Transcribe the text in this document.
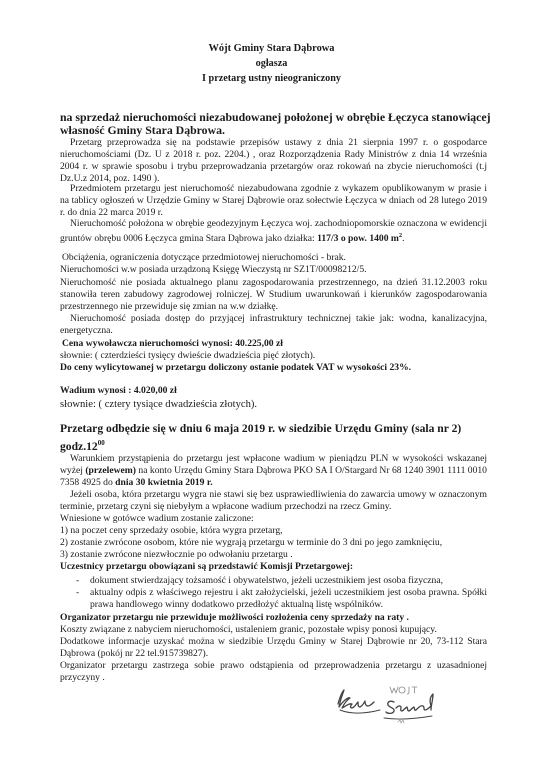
Wójt Gminy Stara Dąbrowa
ogłasza
I przetarg ustny nieograniczony
na sprzedaż nieruchomości niezabudowanej położonej w obrębie Łęczyca stanowiącej własność Gminy Stara Dąbrowa.
Przetarg przeprowadza się na podstawie przepisów ustawy z dnia 21 sierpnia 1997 r. o gospodarce nieruchomościami (Dz. U z 2018 r. poz. 2204.) , oraz Rozporządzenia Rady Ministrów z dnia 14 września 2004 r. w sprawie sposobu i trybu przeprowadzania przetargów oraz rokowań na zbycie nieruchomości (t.j Dz.U.z 2014, poz. 1490 ).
Przedmiotem przetargu jest nieruchomość niezabudowana zgodnie z wykazem opublikowanym w prasie i na tablicy ogłoszeń w Urzędzie Gminy w Starej Dąbrowie oraz sołectwie Łęczyca w dniach od 28 lutego 2019 r. do dnia 22 marca 2019 r.
Nieruchomość położona w obrębie geodezyjnym Łęczyca woj. zachodniopomorskie oznaczona w ewidencji gruntów obrębu 0006 Łęczyca gmina Stara Dąbrowa jako działka: 117/3 o pow. 1400 $m^2$.
Obciążenia, ograniczenia dotyczące przedmiotowej nieruchomości - brak.
Nieruchomości w.w posiada urządzoną Księgę Wieczystą nr SZ1T/00098212/5.
Nieruchomość nie posiada aktualnego planu zagospodarowania przestrzennego, na dzień 31.12.2003 roku stanowiła teren zabudowy zagrodowej rolniczej. W Studium uwarunkowań i kierunków zagospodarowania przestrzennego nie przewiduje się zmian na w.w działkę.
Nieruchomość posiada dostęp do przyjącej infrastruktury technicznej takie jak: wodna, kanalizacyjna, energetyczna.
Cena wywoławcza nieruchomości wynosi: 40.225,00 zł
słownie: ( czterdzieści tysięcy dwieście dwadzieścia pięć złotych).
Do ceny wylicytowanej w przetargu doliczony ostanie podatek VAT w wysokości 23%.
Wadium wynosi : 4.020,00 zł
słownie: ( cztery tysiące dwadzieścia złotych).
Przetarg odbędzie się w dniu 6 maja 2019 r. w siedzibie Urzędu Gminy (sala nr 2) $godz.12^{00}$
Warunkiem przystąpienia do przetargu jest wpłacone wadium w pieniądzu PLN w wysokości wskazanej wyżej (przelewem) na konto Urzędu Gminy Stara Dąbrowa PKO SA I O/Stargard Nr 68 1240 3901 1111 0010 7358 4925 do dnia 30 kwietnia 2019 r.
Jeżeli osoba, która przetargu wygra nie stawi się bez usprawiedliwienia do zawarcia umowy w oznaczonym terminie, przetarg czyni się niebyłym a wpłacone wadium przechodzi na rzecz Gminy.
Wniesione w gotówce wadium zostanie zaliczone:
1) na poczet ceny sprzedaży osobie, która wygra przetarg,
2) zostanie zwrócone osobom, które nie wygrają przetargu w terminie do 3 dni po jego zamknięciu,
3) zostanie zwrócone niezwłocznie po odwołaniu przetargu .
Uczestnicy przetargu obowiązani są przedstawić Komisji Przetargowej:
- dokument stwierdzający tożsamość i obywatelstwo, jeżeli uczestnikiem jest osoba fizyczna,
- aktualny odpis z właściwego rejestru i akt założycielski, jeżeli uczestnikiem jest osoba prawna. Spółki prawa handlowego winny dodatkowo przedłożyć aktualną listę wspólników.
Organizator przetargu nie przewiduje możliwości rozłożenia ceny sprzedaży na raty .
Koszty związane z nabyciem nieruchomości, ustaleniem granic, pozostałe wpisy ponosi kupujący.
Dodatkowe informacje uzyskać można w siedzibie Urzędu Gminy w Starej Dąbrowie nr 20, 73-112 Stara Dąbrowa (pokój nr 22 tel.915739827).
Organizator przetargu zastrzega sobie prawo odstąpienia od przeprowadzenia przetargu z uzasadnionej przyczyny .
